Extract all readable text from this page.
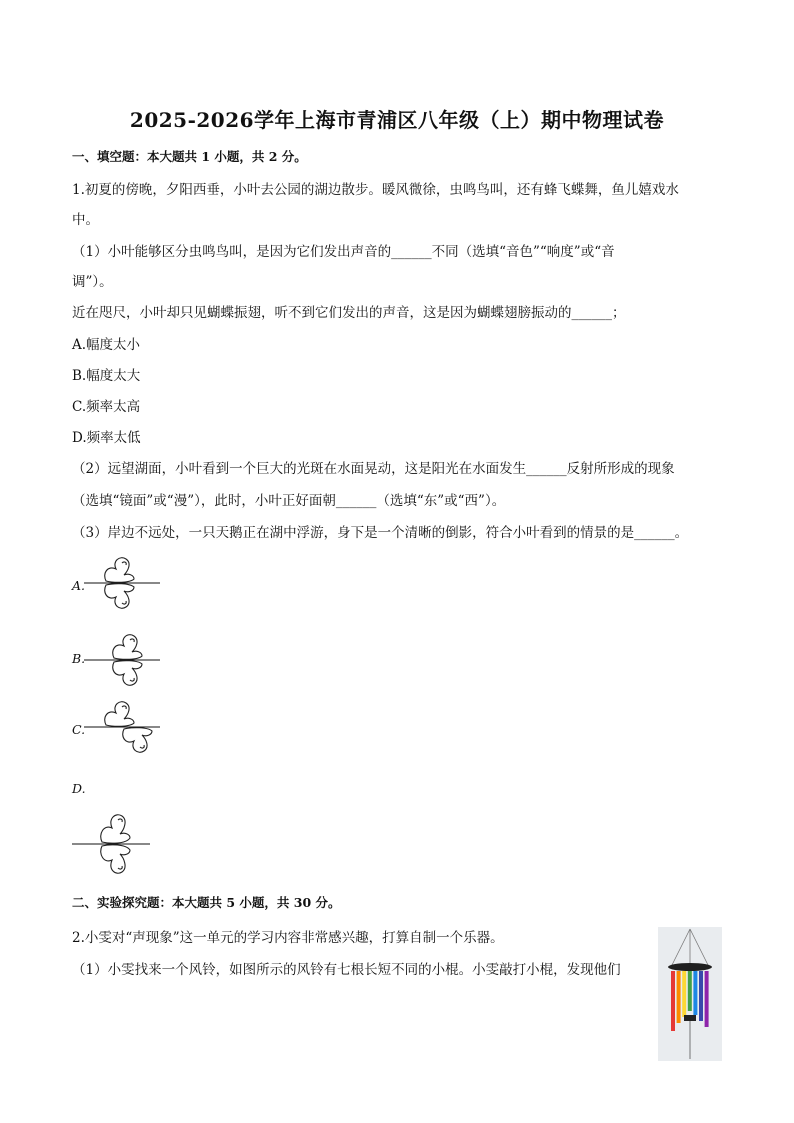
2025-2026学年上海市青浦区八年级（上）期中物理试卷
一、填空题：本大题共 1 小题，共 2 分。
1.初夏的傍晚，夕阳西垂，小叶去公园的湖边散步。暖风微徐，虫鸣鸟叫，还有蜂飞蝶舞，鱼儿嬉戏水
中。
（1）小叶能够区分虫鸣鸟叫，是因为它们发出声音的______不同（选填“音色”“响度”或“音
调”）。
近在咫尺，小叶却只见蝴蝶振翅，听不到它们发出的声音，这是因为蝴蝶翅膀振动的______；
A.幅度太小
B.幅度太大
C.频率太高
D.频率太低
（2）远望湖面，小叶看到一个巨大的光斑在水面晃动，这是阳光在水面发生______反射所形成的现象
（选填“镜面”或“漫”），此时，小叶正好面朝______（选填“东”或“西”）。
（3）岸边不远处，一只天鹅正在湖中浮游，身下是一个清晰的倒影，符合小叶看到的情景的是______。
A.
B.
C.
D.
二、实验探究题：本大题共 5 小题，共 30 分。
2.小雯对“声现象”这一单元的学习内容非常感兴趣，打算自制一个乐器。
（1）小雯找来一个风铃，如图所示的风铃有七根长短不同的小棍。小雯敲打小棍，发现他们
